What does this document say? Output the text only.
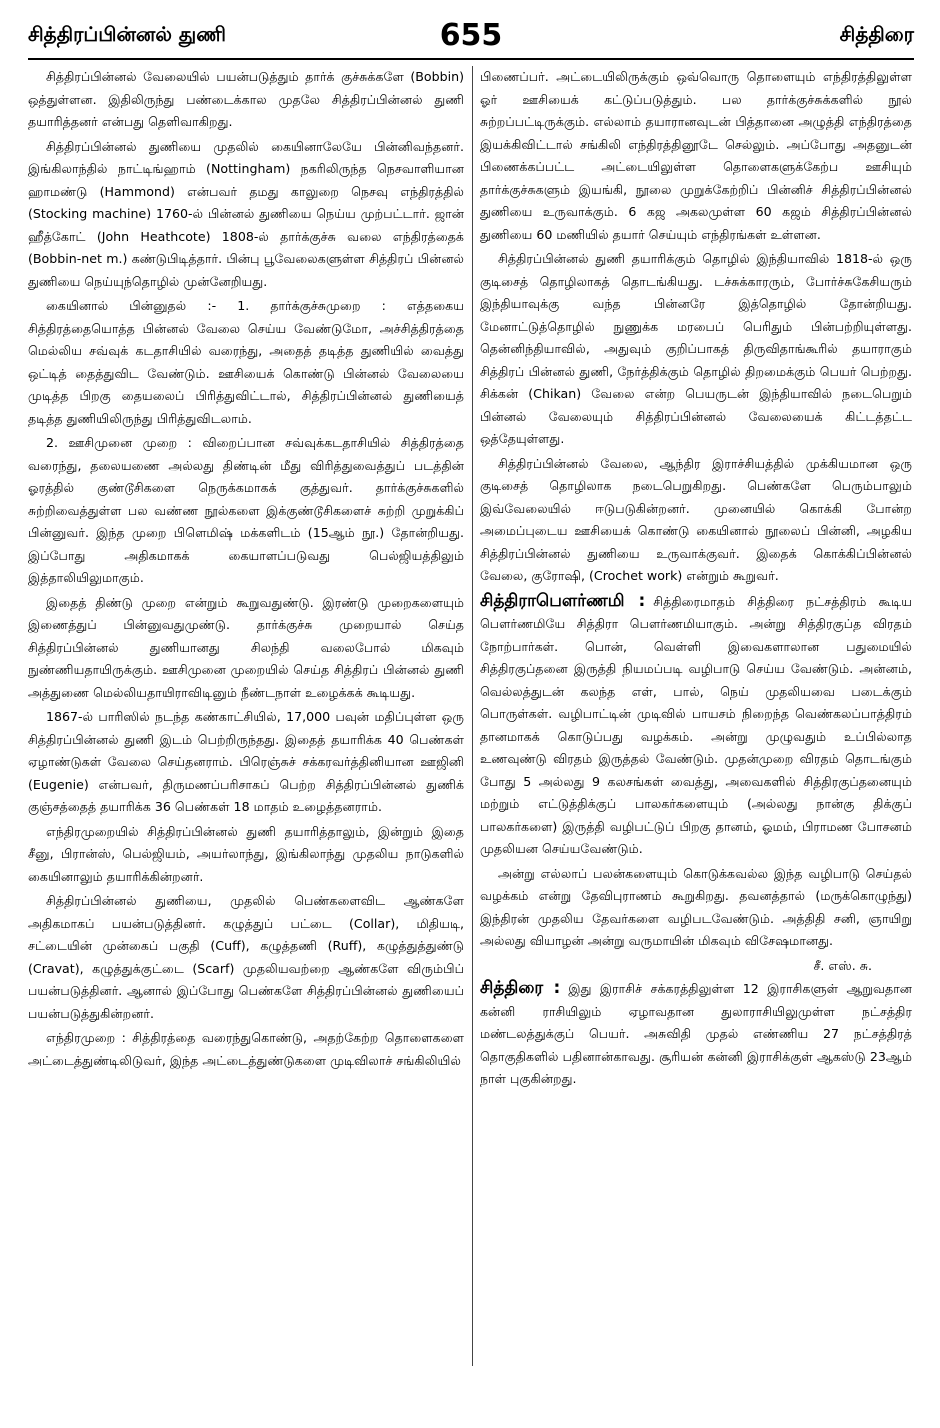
சித்திரப்பின்னல் துணி	655	சித்திரை

சித்திரப்பின்னல் வேலையில் பயன்படுத்தும் தார்க் குச்சுக்களே (Bobbin) ஒத்துள்ளன. இதிலிருந்து பண்டைக்கால முதலே சித்திரப்பின்னல் துணி தயாரித்தனர் என்பது தெளிவாகிறது.

சித்திரப்பின்னல் துணியை முதலில் கையினாலேயே பின்னிவந்தனர். இங்கிலாந்தில் நாட்டிங்ஹாம் (Nottingham) நகரிலிருந்த நெசவாளியான ஹாமண்டு (Hammond) என்பவர் தமது காலுறை நெசவு எந்திரத்தில் (Stocking machine) 1760-ல் பின்னல் துணியை நெய்ய முற்பட்டார். ஜான் ஹீத்கோட் (John Heathcote) 1808-ல் தார்க்குச்சு வலை எந்திரத்தைக் (Bobbin-net m.) கண்டுபிடித்தார். பின்பு பூவேலைகளுள்ள சித்திரப் பின்னல் துணியை நெய்யுந்தொழில் முன்னேறியது.

கையினால் பின்னுதல் :- 1. தார்க்குச்சுமுறை : எத்தகைய சித்திரத்தையொத்த பின்னல் வேலை செய்ய வேண்டுமோ, அச்சித்திரத்தை மெல்லிய சவ்வுக் கடதாசியில் வரைந்து, அதைத் தடித்த துணியில் வைத்து ஒட்டித் தைத்துவிட வேண்டும். ஊசியைக் கொண்டு பின்னல் வேலையை முடித்த பிறகு தையலைப் பிரித்துவிட்டால், சித்திரப்பின்னல் துணியைத் தடித்த துணியிலிருந்து பிரித்துவிடலாம்.

2. ஊசிமுனை முறை : விறைப்பான சவ்வுக்கடதாசியில் சித்திரத்தை வரைந்து, தலையணை அல்லது திண்டின் மீது விரித்துவைத்துப் படத்தின் ஓரத்தில் குண்டூசிகளை நெருக்கமாகக் குத்துவர். தார்க்குச்சுகளில் சுற்றிவைத்துள்ள பல வண்ண நூல்களை இக்குண்டூசிகளைச் சுற்றி முறுக்கிப் பின்னுவர். இந்த முறை பிளெமிஷ் மக்களிடம் (15ஆம் நூ.) தோன்றியது. இப்போது அதிகமாகக் கையாளப்படுவது பெல்ஜியத்திலும் இத்தாலியிலுமாகும்.

இதைத் திண்டு முறை என்றும் கூறுவதுண்டு. இரண்டு முறைகளையும் இணைத்துப் பின்னுவதுமுண்டு. தார்க்குச்சு முறையால் செய்த சித்திரப்பின்னல் துணியானது சிலந்தி வலைபோல் மிகவும் நுண்ணியதாயிருக்கும். ஊசிமுனை முறையில் செய்த சித்திரப் பின்னல் துணி அத்துணை மெல்லியதாயிராவிடினும் நீண்டநாள் உழைக்கக் கூடியது.

1867-ல் பாரிஸில் நடந்த கண்காட்சியில், 17,000 பவுன் மதிப்புள்ள ஒரு சித்திரப்பின்னல் துணி இடம் பெற்றிருந்தது. இதைத் தயாரிக்க 40 பெண்கள் ஏழாண்டுகள் வேலை செய்தனராம். பிரெஞ்சுச் சக்கரவர்த்தினியான ஊஜினி (Eugenie) என்பவர், திருமணப்பரிசாகப் பெற்ற சித்திரப்பின்னல் துணிக் குஞ்சத்தைத் தயாரிக்க 36 பெண்கள் 18 மாதம் உழைத்தனராம்.

எந்திரமுறையில் சித்திரப்பின்னல் துணி தயாரித்தாலும், இன்றும் இதை சீனு, பிரான்ஸ், பெல்ஜியம், அயர்லாந்து, இங்கிலாந்து முதலிய நாடுகளில் கையினாலும் தயாரிக்கின்றனர்.

சித்திரப்பின்னல் துணியை, முதலில் பெண்களைவிட ஆண்களே அதிகமாகப் பயன்படுத்தினர். கழுத்துப் பட்டை (Collar), மிதியடி, சட்டையின் முன்கைப் பகுதி (Cuff), கழுத்தணி (Ruff), கழுத்துத்துண்டு (Cravat), கழுத்துக்குட்டை (Scarf) முதலியவற்றை ஆண்களே விரும்பிப் பயன்படுத்தினர். ஆனால் இப்போது பெண்களே சித்திரப்பின்னல் துணியைப் பயன்படுத்துகின்றனர்.

எந்திரமுறை : சித்திரத்தை வரைந்துகொண்டு, அதற்கேற்ற தொளைகளை அட்டைத்துண்டிலிடுவர், இந்த அட்டைத்துண்டுகளை முடிவிலாச் சங்கிலியில்

பிணைப்பர். அட்டையிலிருக்கும் ஒவ்வொரு தொளையும் எந்திரத்திலுள்ள ஓர் ஊசியைக் கட்டுப்படுத்தும். பல தார்க்குச்சுக்களில் நூல் சுற்றப்பட்டிருக்கும். எல்லாம் தயாரானவுடன் பித்தானை அழுத்தி எந்திரத்தை இயக்கிவிட்டால் சங்கிலி எந்திரத்தினூடே செல்லும். அப்போது அதனுடன் பிணைக்கப்பட்ட அட்டையிலுள்ள தொளைகளுக்கேற்ப ஊசியும் தார்க்குச்சுகளும் இயங்கி, நூலை முறுக்கேற்றிப் பின்னிச் சித்திரப்பின்னல் துணியை உருவாக்கும். 6 கஜ அகலமுள்ள 60 கஜம் சித்திரப்பின்னல் துணியை 60 மணியில் தயார் செய்யும் எந்திரங்கள் உள்ளன.

சித்திரப்பின்னல் துணி தயாரிக்கும் தொழில் இந்தியாவில் 1818-ல் ஒரு குடிசைத் தொழிலாகத் தொடங்கியது. டச்சுக்காரரும், போர்ச்சுகேசியரும் இந்தியாவுக்கு வந்த பின்னரே இத்தொழில் தோன்றியது. மேனாட்டுத்தொழில் நுணுக்க மரபைப் பெரிதும் பின்பற்றியுள்ளது. தென்னிந்தியாவில், அதுவும் குறிப்பாகத் திருவிதாங்கூரில் தயாராகும் சித்திரப் பின்னல் துணி, நேர்த்திக்கும் தொழில் திறமைக்கும் பெயர் பெற்றது. சிக்கன் (Chikan) வேலை என்ற பெயருடன் இந்தியாவில் நடைபெறும் பின்னல் வேலையும் சித்திரப்பின்னல் வேலையைக் கிட்டத்தட்ட ஒத்தேயுள்ளது.

சித்திரப்பின்னல் வேலை, ஆந்திர இராச்சியத்தில் முக்கியமான ஒரு குடிசைத் தொழிலாக நடைபெறுகிறது. பெண்களே பெரும்பாலும் இவ்வேலையில் ஈடுபடுகின்றனர். முனையில் கொக்கி போன்ற அமைப்புடைய ஊசியைக் கொண்டு கையினால் நூலைப் பின்னி, அழகிய சித்திரப்பின்னல் துணியை உருவாக்குவர். இதைக் கொக்கிப்பின்னல் வேலை, குரோஷி, (Crochet work) என்றும் கூறுவர்.

சித்திராபௌர்ணமி : சித்திரைமாதம் சித்திரை நட்சத்திரம் கூடிய பௌர்ணமியே சித்திரா பௌர்ணமியாகும். அன்று சித்திரகுப்த விரதம் நோற்பார்கள். பொன், வெள்ளி இவைகளாலான பதுமையில் சித்திரகுப்தனை இருத்தி நியமப்படி வழிபாடு செய்ய வேண்டும். அன்னம், வெல்லத்துடன் கலந்த எள், பால், நெய் முதலியவை படைக்கும் பொருள்கள். வழிபாட்டின் முடிவில் பாயசம் நிறைந்த வெண்கலப்பாத்திரம் தானமாகக் கொடுப்பது வழக்கம். அன்று முழுவதும் உப்பில்லாத உணவுண்டு விரதம் இருத்தல் வேண்டும். முதன்முறை விரதம் தொடங்கும் போது 5 அல்லது 9 கலசங்கள் வைத்து, அவைகளில் சித்திரகுப்தனையும் மற்றும் எட்டுத்திக்குப் பாலகர்களையும் (அல்லது நான்கு திக்குப் பாலகர்களை) இருத்தி வழிபட்டுப் பிறகு தானம், ஓமம், பிராமண போசனம் முதலியன செய்யவேண்டும்.

அன்று எல்லாப் பலன்களையும் கொடுக்கவல்ல இந்த வழிபாடு செய்தல் வழக்கம் என்று தேவிபுராணம் கூறுகிறது. தவனத்தால் (மருக்கொழுந்து) இந்திரன் முதலிய தேவர்களை வழிபடவேண்டும். அத்திதி சனி, ஞாயிறு அல்லது வியாழன் அன்று வருமாயின் மிகவும் விசேஷமானது.

சீ. எஸ். சு.

சித்திரை : இது இராசிச் சக்கரத்திலுள்ள 12 இராசிகளுள் ஆறுவதான கன்னி ராசியிலும் ஏழாவதான துலாராசியிலுமுள்ள நட்சத்திர மண்டலத்துக்குப் பெயர். அசுவிதி முதல் எண்ணிய 27 நட்சத்திரத் தொகுதிகளில் பதினான்காவது. சூரியன் கன்னி இராசிக்குள் ஆகஸ்டு 23ஆம் நாள் புகுகின்றது.
